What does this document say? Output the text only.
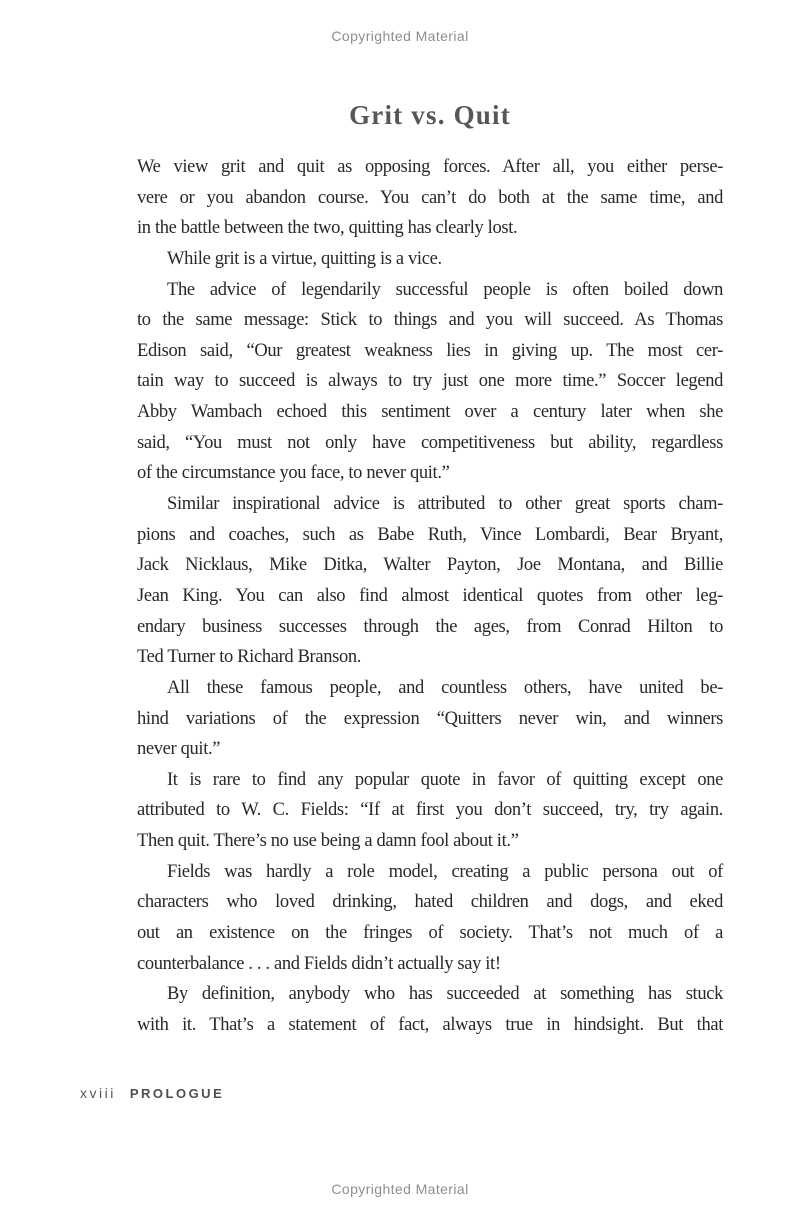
Copyrighted Material
Grit vs. Quit
We view grit and quit as opposing forces. After all, you either perse-
vere or you abandon course. You can’t do both at the same time, and
in the battle between the two, quitting has clearly lost.
While grit is a virtue, quitting is a vice.
The advice of legendarily successful people is often boiled down
to the same message: Stick to things and you will succeed. As Thomas
Edison said, “Our greatest weakness lies in giving up. The most cer-
tain way to succeed is always to try just one more time.” Soccer legend
Abby Wambach echoed this sentiment over a century later when she
said, “You must not only have competitiveness but ability, regardless
of the circumstance you face, to never quit.”
Similar inspirational advice is attributed to other great sports cham-
pions and coaches, such as Babe Ruth, Vince Lombardi, Bear Bryant,
Jack Nicklaus, Mike Ditka, Walter Payton, Joe Montana, and Billie
Jean King. You can also find almost identical quotes from other leg-
endary business successes through the ages, from Conrad Hilton to
Ted Turner to Richard Branson.
All these famous people, and countless others, have united be-
hind variations of the expression “Quitters never win, and winners
never quit.”
It is rare to find any popular quote in favor of quitting except one
attributed to W. C. Fields: “If at first you don’t succeed, try, try again.
Then quit. There’s no use being a damn fool about it.”
Fields was hardly a role model, creating a public persona out of
characters who loved drinking, hated children and dogs, and eked
out an existence on the fringes of society. That’s not much of a
counterbalance . . . and Fields didn’t actually say it!
By definition, anybody who has succeeded at something has stuck
with it. That’s a statement of fact, always true in hindsight. But that
xviii PROLOGUE
Copyrighted Material
